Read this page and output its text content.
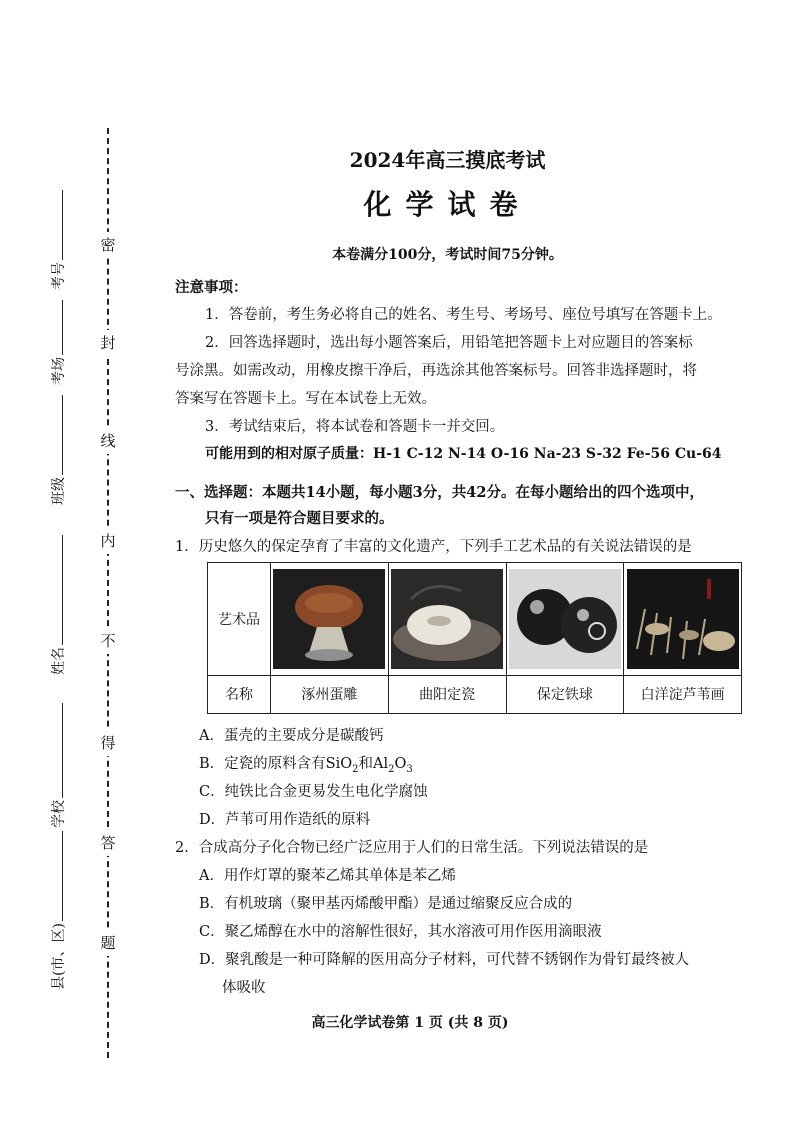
密
封
线
内
不
得
答
题
考号
考场
班级
姓名
学校
县(市、区)
2024年高三摸底考试
化学试卷
本卷满分100分，考试时间75分钟。
注意事项：
1．答卷前，考生务必将自己的姓名、考生号、考场号、座位号填写在答题卡上。
2．回答选择题时，选出每小题答案后，用铅笔把答题卡上对应题目的答案标
号涂黑。如需改动，用橡皮擦干净后，再选涂其他答案标号。回答非选择题时，将
答案写在答题卡上。写在本试卷上无效。
3．考试结束后，将本试卷和答题卡一并交回。
可能用到的相对原子质量：H-1 C-12 N-14 O-16 Na-23 S-32 Fe-56 Cu-64
一、选择题：本题共14小题，每小题3分，共42分。在每小题给出的四个选项中，
只有一项是符合题目要求的。
1．历史悠久的保定孕育了丰富的文化遗产，下列手工艺术品的有关说法错误的是
艺术品	

名称	涿州蛋雕	曲阳定瓷	保定铁球	白洋淀芦苇画
A．蛋壳的主要成分是碳酸钙
B．定瓷的原料含有SiO$_2$和$Al_2O_3$
C．纯铁比合金更易发生电化学腐蚀
D．芦苇可用作造纸的原料
2．合成高分子化合物已经广泛应用于人们的日常生活。下列说法错误的是
A．用作灯罩的聚苯乙烯其单体是苯乙烯
B．有机玻璃（聚甲基丙烯酸甲酯）是通过缩聚反应合成的
C．聚乙烯醇在水中的溶解性很好，其水溶液可用作医用滴眼液
D．聚乳酸是一种可降解的医用高分子材料，可代替不锈钢作为骨钉最终被人
体吸收
高三化学试卷第 1 页 (共 8 页)
